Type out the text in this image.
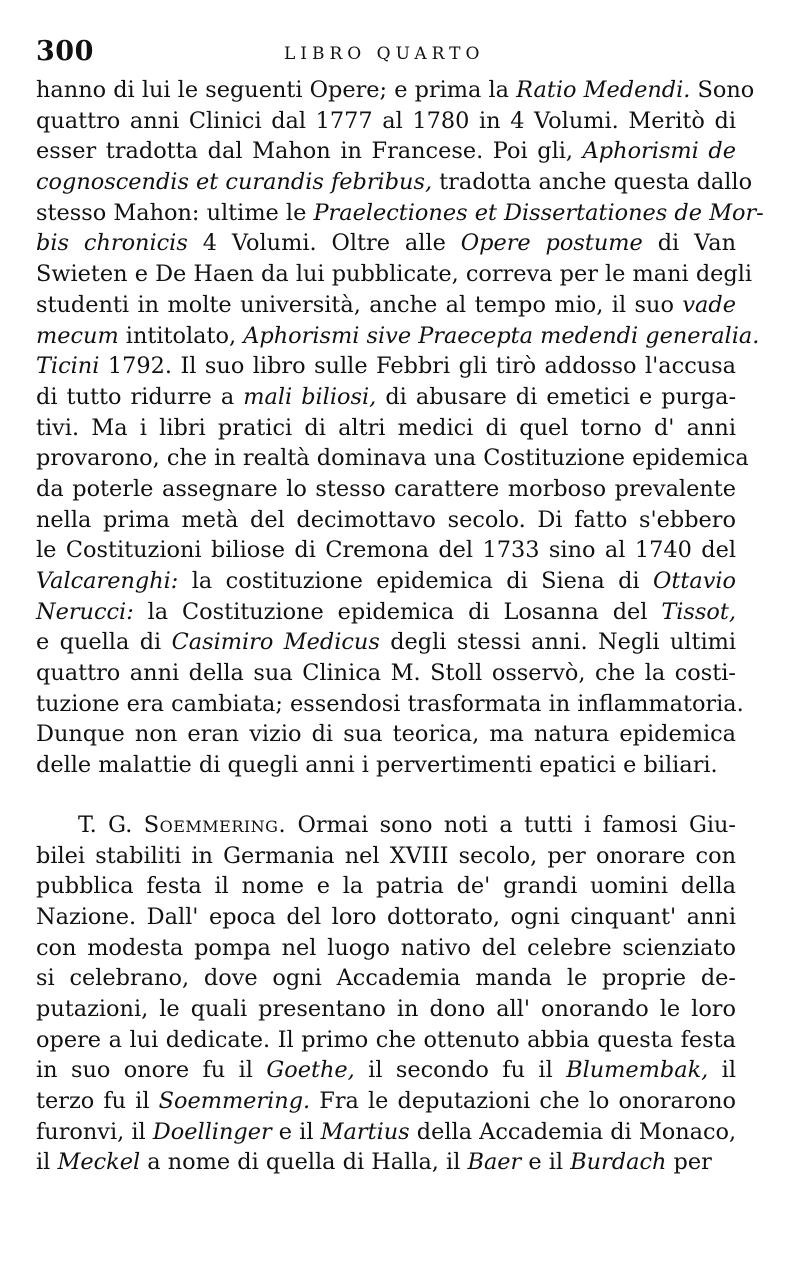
300	LIBRO QUARTO
hanno di lui le seguenti Opere; e prima la Ratio Medendi. Sono
quattro anni Clinici dal 1777 al 1780 in 4 Volumi. Meritò di
esser tradotta dal Mahon in Francese. Poi gli, Aphorismi de
cognoscendis et curandis febribus, tradotta anche questa dallo
stesso Mahon: ultime le Praelectiones et Dissertationes de Mor-
bis chronicis 4 Volumi. Oltre alle Opere postume di Van
Swieten e De Haen da lui pubblicate, correva per le mani degli
studenti in molte università, anche al tempo mio, il suo vade
mecum intitolato, Aphorismi sive Praecepta medendi generalia.
Ticini 1792. Il suo libro sulle Febbri gli tirò addosso l'accusa
di tutto ridurre a mali biliosi, di abusare di emetici e purga-
tivi. Ma i libri pratici di altri medici di quel torno d' anni
provarono, che in realtà dominava una Costituzione epidemica
da poterle assegnare lo stesso carattere morboso prevalente
nella prima metà del decimottavo secolo. Di fatto s'ebbero
le Costituzioni biliose di Cremona del 1733 sino al 1740 del
Valcarenghi: la costituzione epidemica di Siena di Ottavio
Nerucci: la Costituzione epidemica di Losanna del Tissot,
e quella di Casimiro Medicus degli stessi anni. Negli ultimi
quattro anni della sua Clinica M. Stoll osservò, che la costi-
tuzione era cambiata; essendosi trasformata in inflammatoria.
Dunque non eran vizio di sua teorica, ma natura epidemica
delle malattie di quegli anni i pervertimenti epatici e biliari.
T. G. Soemmering. Ormai sono noti a tutti i famosi Giu-
bilei stabiliti in Germania nel XVIII secolo, per onorare con
pubblica festa il nome e la patria de' grandi uomini della
Nazione. Dall' epoca del loro dottorato, ogni cinquant' anni
con modesta pompa nel luogo nativo del celebre scienziato
si celebrano, dove ogni Accademia manda le proprie de-
putazioni, le quali presentano in dono all' onorando le loro
opere a lui dedicate. Il primo che ottenuto abbia questa festa
in suo onore fu il Goethe, il secondo fu il Blumembak, il
terzo fu il Soemmering. Fra le deputazioni che lo onorarono
furonvi, il Doellinger e il Martius della Accademia di Monaco,
il Meckel a nome di quella di Halla, il Baer e il Burdach per
